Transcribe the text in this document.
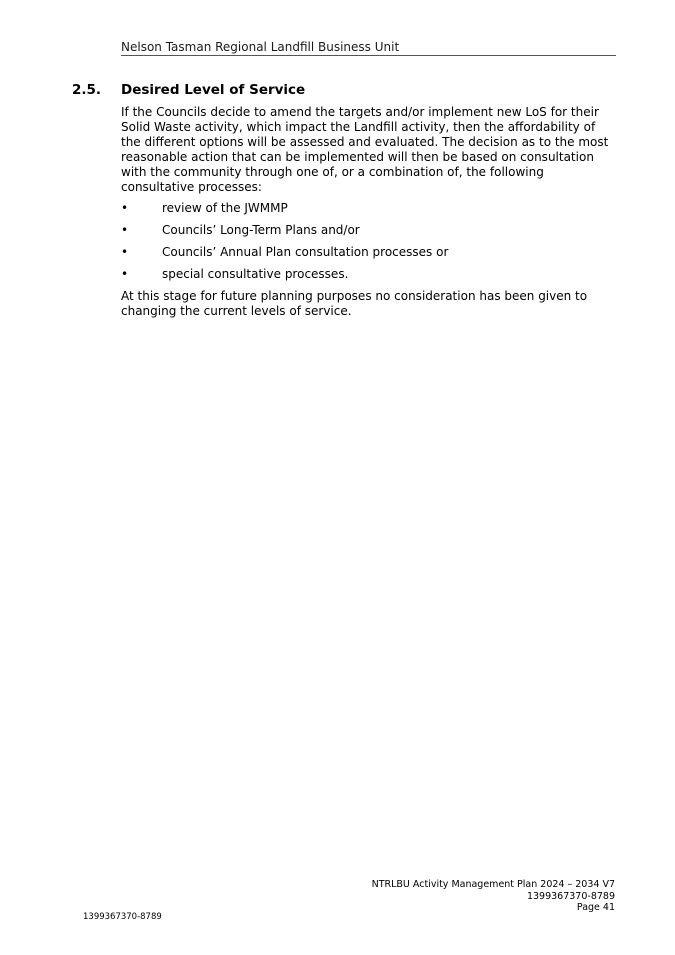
Nelson Tasman Regional Landfill Business Unit
2.5. Desired Level of Service

If the Councils decide to amend the targets and/or implement new LoS for their Solid Waste activity, which impact the Landfill activity, then the affordability of the different options will be assessed and evaluated. The decision as to the most reasonable action that can be implemented will then be based on consultation with the community through one of, or a combination of, the following consultative processes:

•	review of the JWMMP
•	Councils’ Long-Term Plans and/or
•	Councils’ Annual Plan consultation processes or
•	special consultative processes.

At this stage for future planning purposes no consideration has been given to changing the current levels of service.

NTRLBU Activity Management Plan 2024 – 2034 V7
1399367370-8789
Page 41
1399367370-8789
